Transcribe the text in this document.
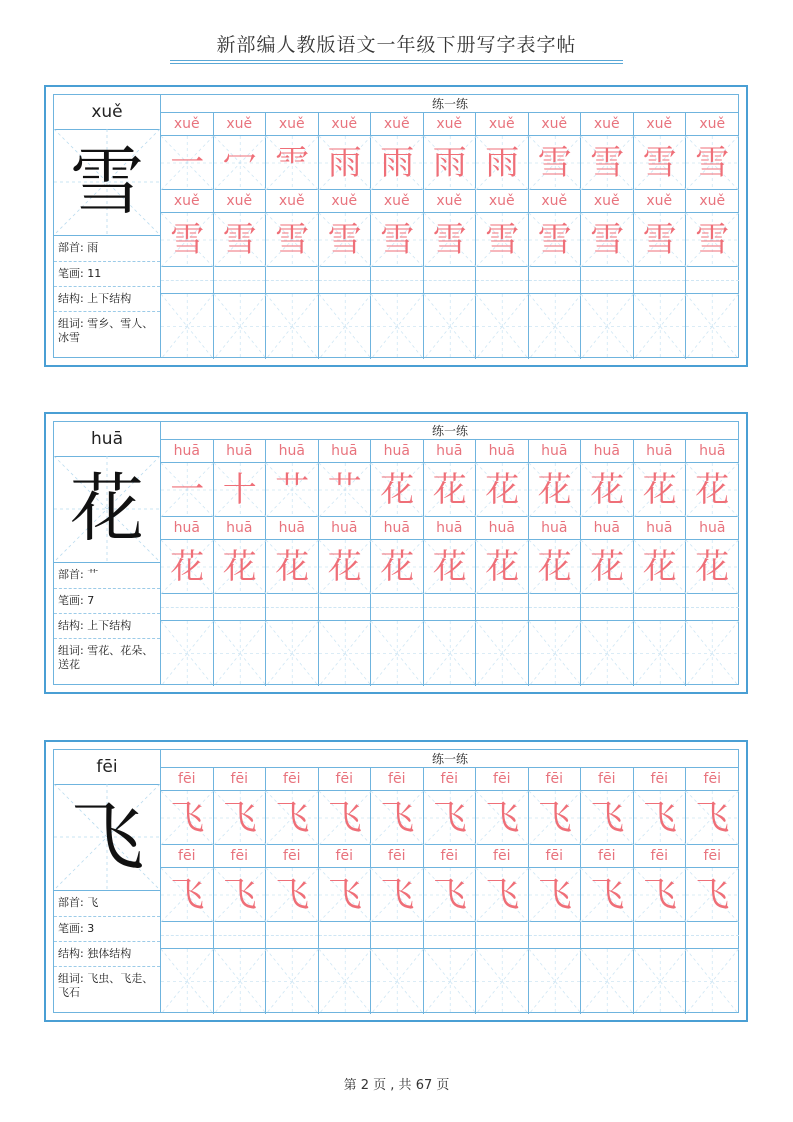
新部编人教版语文一年级下册写字表字帖
xuě
雪
部首: 雨
笔画: 11
结构: 上下结构
组词: 雪乡、雪人、冰雪
练一练
xuě	xuě	xuě	xuě	xuě	xuě	xuě	xuě	xuě	xuě	xuě
⼀ ⼍ ⻗ 雨 雨 雨 雨 雪 雪 雪 雪
xuě	xuě	xuě	xuě	xuě	xuě	xuě	xuě	xuě	xuě	xuě
雪 雪 雪 雪 雪 雪 雪 雪 雪 雪 雪
huā
花
部首: 艹
笔画: 7
结构: 上下结构
组词: 雪花、花朵、送花
练一练
huā	huā	huā	huā	huā	huā	huā	huā	huā	huā	huā
一 十 艹 艹 花 花 花 花 花 花 花
huā	huā	huā	huā	huā	huā	huā	huā	huā	huā	huā
花 花 花 花 花 花 花 花 花 花 花
fēi
飞
部首: 飞
笔画: 3
结构: 独体结构
组词: 飞虫、飞走、飞石
练一练
fēi	fēi	fēi	fēi	fēi	fēi	fēi	fēi	fēi	fēi	fēi
飞 飞 飞 飞 飞 飞 飞 飞 飞 飞 飞
fēi	fēi	fēi	fēi	fēi	fēi	fēi	fēi	fēi	fēi	fēi
飞 飞 飞 飞 飞 飞 飞 飞 飞 飞 飞
第 2 页 , 共 67 页
